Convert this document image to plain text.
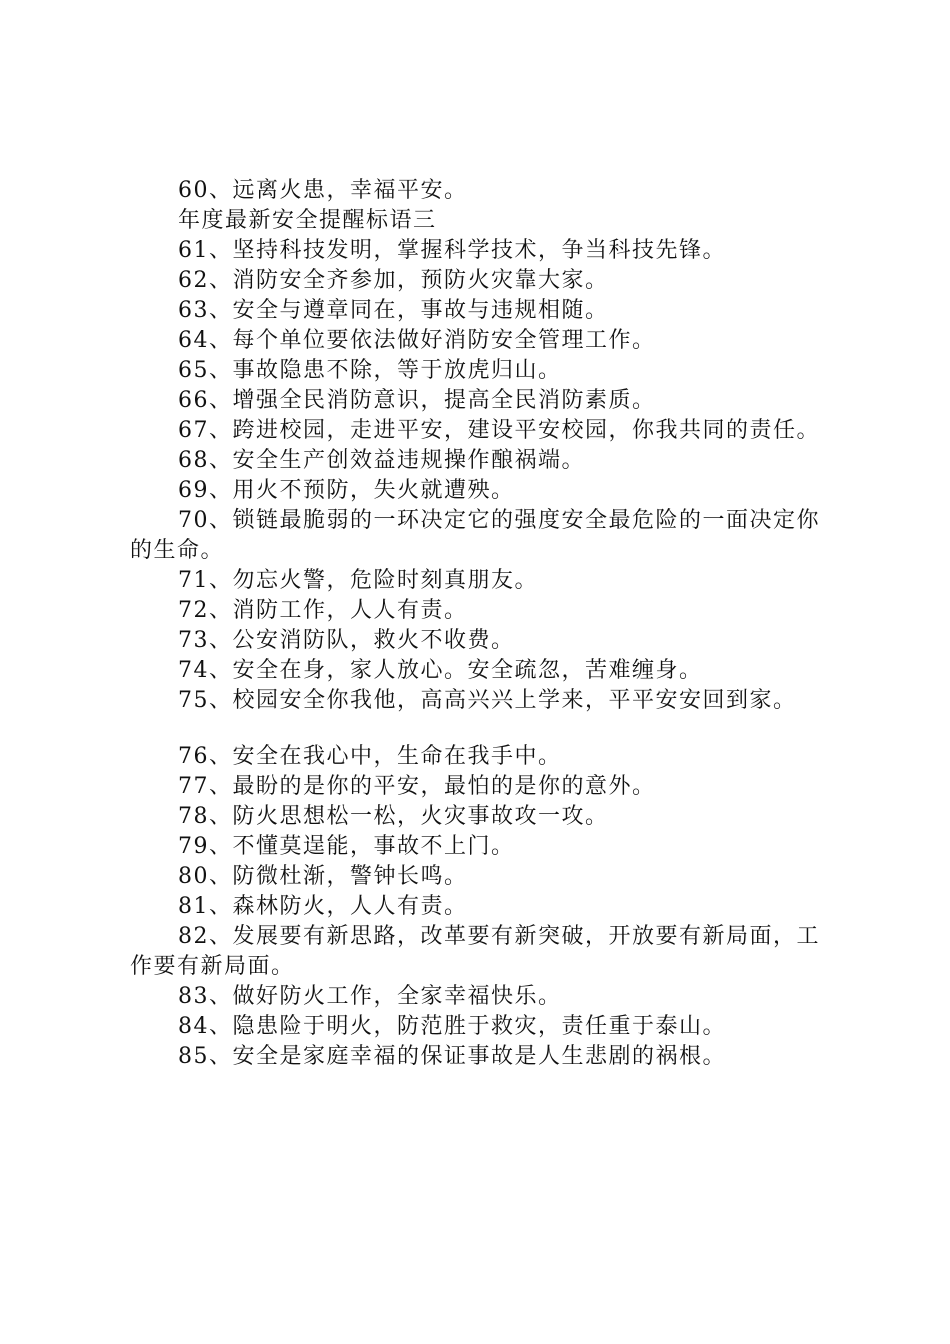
60、远离火患，幸福平安。

年度最新安全提醒标语三

61、坚持科技发明，掌握科学技术，争当科技先锋。

62、消防安全齐参加，预防火灾靠大家。

63、安全与遵章同在，事故与违规相随。

64、每个单位要依法做好消防安全管理工作。

65、事故隐患不除，等于放虎归山。

66、增强全民消防意识，提高全民消防素质。

67、跨进校园，走进平安，建设平安校园，你我共同的责任。

68、安全生产创效益违规操作酿祸端。

69、用火不预防，失火就遭殃。

70、锁链最脆弱的一环决定它的强度安全最危险的一面决定你的生命。

71、勿忘火警，危险时刻真朋友。

72、消防工作，人人有责。

73、公安消防队，救火不收费。

74、安全在身，家人放心。安全疏忽，苦难缠身。

75、校园安全你我他，高高兴兴上学来，平平安安回到家。

76、安全在我心中，生命在我手中。

77、最盼的是你的平安，最怕的是你的意外。

78、防火思想松一松，火灾事故攻一攻。

79、不懂莫逞能，事故不上门。

80、防微杜渐，警钟长鸣。

81、森林防火，人人有责。

82、发展要有新思路，改革要有新突破，开放要有新局面，工作要有新局面。

83、做好防火工作，全家幸福快乐。

84、隐患险于明火，防范胜于救灾，责任重于泰山。

85、安全是家庭幸福的保证事故是人生悲剧的祸根。
